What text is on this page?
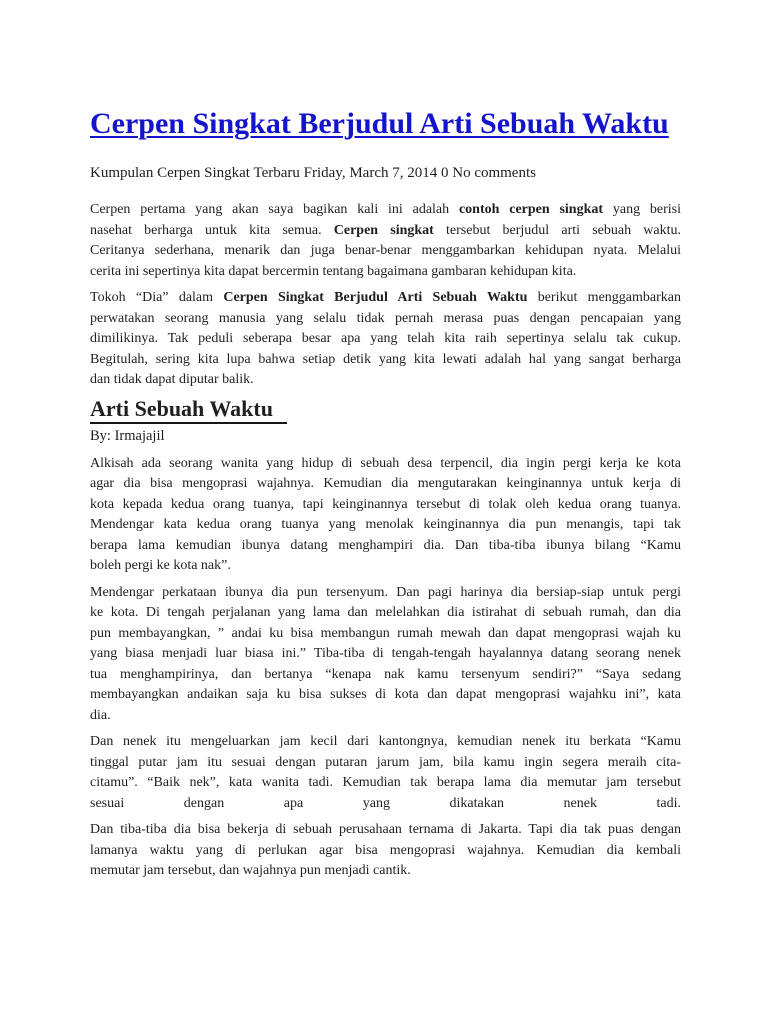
Cerpen Singkat Berjudul Arti Sebuah Waktu
Kumpulan Cerpen Singkat Terbaru Friday, March 7, 2014 0 No comments
Cerpen pertama yang akan saya bagikan kali ini adalah contoh cerpen singkat yang berisi
nasehat berharga untuk kita semua. Cerpen singkat tersebut berjudul arti sebuah waktu.
Ceritanya sederhana, menarik dan juga benar-benar menggambarkan kehidupan nyata. Melalui
cerita ini sepertinya kita dapat bercermin tentang bagaimana gambaran kehidupan kita.
Tokoh “Dia” dalam Cerpen Singkat Berjudul Arti Sebuah Waktu berikut menggambarkan
perwatakan seorang manusia yang selalu tidak pernah merasa puas dengan pencapaian yang
dimilikinya. Tak peduli seberapa besar apa yang telah kita raih sepertinya selalu tak cukup.
Begitulah, sering kita lupa bahwa setiap detik yang kita lewati adalah hal yang sangat berharga
dan tidak dapat diputar balik.
Arti Sebuah Waktu
By: Irmajajil
Alkisah ada seorang wanita yang hidup di sebuah desa terpencil, dia ingin pergi kerja ke kota
agar dia bisa mengoprasi wajahnya. Kemudian dia mengutarakan keinginannya untuk kerja di
kota kepada kedua orang tuanya, tapi keinginannya tersebut di tolak oleh kedua orang tuanya.
Mendengar kata kedua orang tuanya yang menolak keinginannya dia pun menangis, tapi tak
berapa lama kemudian ibunya datang menghampiri dia. Dan tiba-tiba ibunya bilang “Kamu
boleh pergi ke kota nak”.
Mendengar perkataan ibunya dia pun tersenyum. Dan pagi harinya dia bersiap-siap untuk pergi
ke kota. Di tengah perjalanan yang lama dan melelahkan dia istirahat di sebuah rumah, dan dia
pun membayangkan, ” andai ku bisa membangun rumah mewah dan dapat mengoprasi wajah ku
yang biasa menjadi luar biasa ini.” Tiba-tiba di tengah-tengah hayalannya datang seorang nenek
tua menghampirinya, dan bertanya “kenapa nak kamu tersenyum sendiri?” “Saya sedang
membayangkan andaikan saja ku bisa sukses di kota dan dapat mengoprasi wajahku ini”, kata
dia.
Dan nenek itu mengeluarkan jam kecil dari kantongnya, kemudian nenek itu berkata “Kamu
tinggal putar jam itu sesuai dengan putaran jarum jam, bila kamu ingin segera meraih cita-
citamu”. “Baik nek”, kata wanita tadi. Kemudian tak berapa lama dia memutar jam tersebut
sesuai dengan apa yang dikatakan nenek tadi.
Dan tiba-tiba dia bisa bekerja di sebuah perusahaan ternama di Jakarta. Tapi dia tak puas dengan
lamanya waktu yang di perlukan agar bisa mengoprasi wajahnya. Kemudian dia kembali
memutar jam tersebut, dan wajahnya pun menjadi cantik.
